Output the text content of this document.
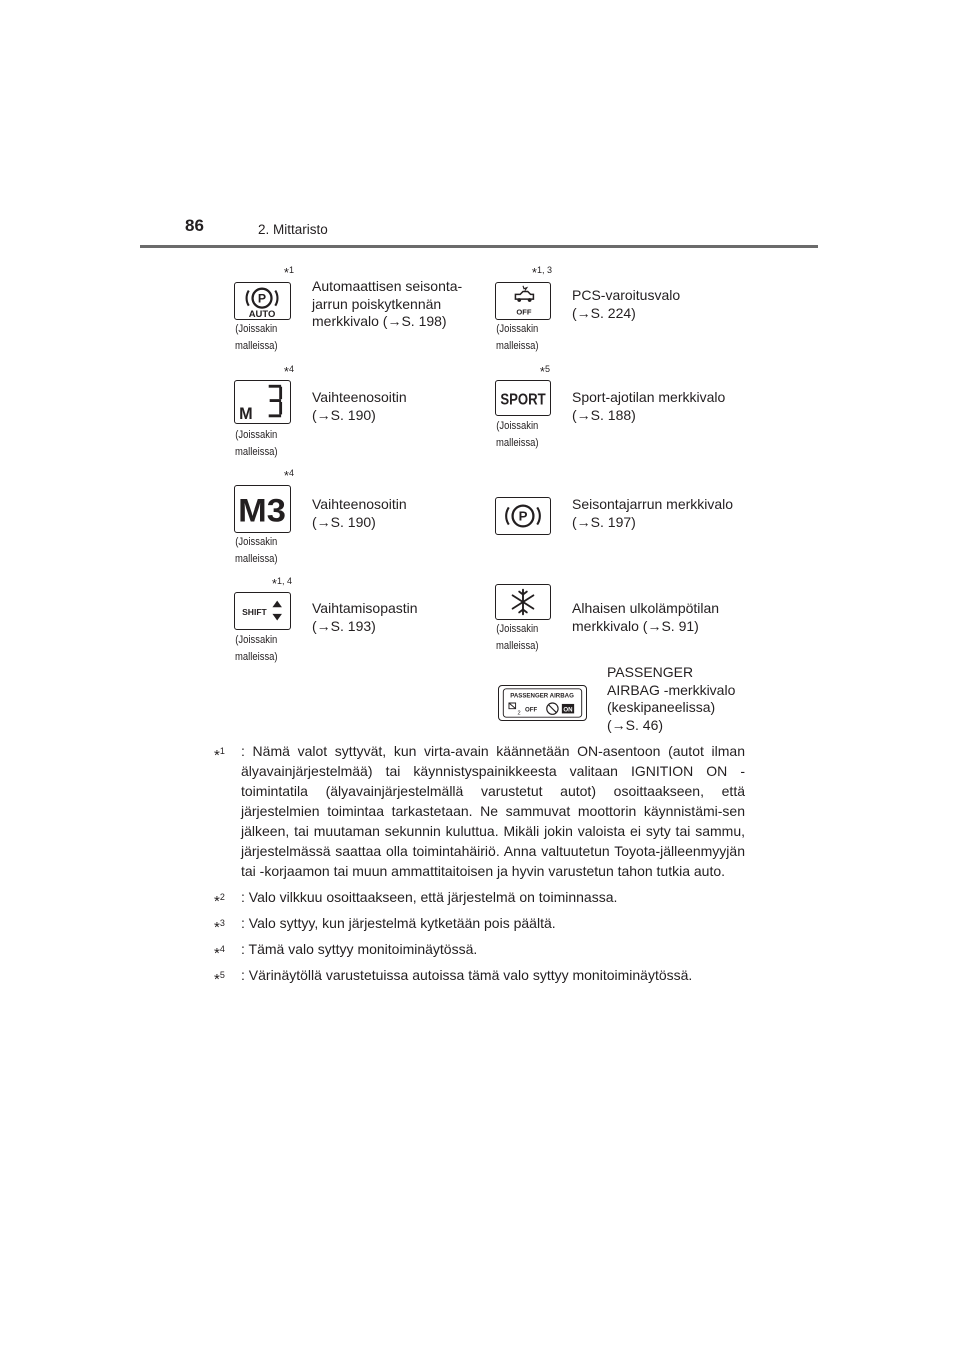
86	2. Mittaristo
*$^1$
P
AUTO
(Joissakin
malleissa)
Automaattisen seisonta-
jarrun poiskytkennän
merkkivalo (→S. 198)
*$^{1, 3}$
OFF
(Joissakin
malleissa)
PCS-varoitusvalo
(→S. 224)
*$^4$
M
(Joissakin
malleissa)
Vaihteenosoitin
(→S. 190)
*$^5$
SPORT
(Joissakin
malleissa)
Sport-ajotilan merkkivalo
(→S. 188)
*$^4$
M3
(Joissakin
malleissa)
Vaihteenosoitin
(→S. 190)	P
Seisontajarrun merkkivalo
(→S. 197)
*$^{1, 4}$
SHIFT
(Joissakin
malleissa)
Vaihtamisopastin
(→S. 193)	(Joissakin
malleissa)
Alhaisen ulkolämpötilan
merkkivalo (→S. 91)
PASSENGER AIRBAG
2 OFF	ON
PASSENGER
AIRBAG -merkkivalo
(keskipaneelissa)
(→S. 46)
*$^1$ : Nämä valot syttyvät, kun virta-avain käännetään ON-asentoon (autot ilman älyavainjärjestelmää) tai käynnistyspainikkeesta valitaan IGNITION ON -toimintatila (älyavainjärjestelmällä varustetut autot) osoittaakseen, että järjestelmien toimintaa tarkastetaan. Ne sammuvat moottorin käynnistämi-sen jälkeen, tai muutaman sekunnin kuluttua. Mikäli jokin valoista ei syty tai sammu, järjestelmässä saattaa olla toimintahäiriö. Anna valtuutetun Toyota-jälleenmyyjän tai -korjaamon tai muun ammattitaitoisen ja hyvin varustetun tahon tutkia auto.
*$^2$ : Valo vilkkuu osoittaakseen, että järjestelmä on toiminnassa.
*$^3$ : Valo syttyy, kun järjestelmä kytketään pois päältä.
*$^4$ : Tämä valo syttyy monitoiminäytössä.
*$^5$ : Värinäytöllä varustetuissa autoissa tämä valo syttyy monitoiminäytössä.
